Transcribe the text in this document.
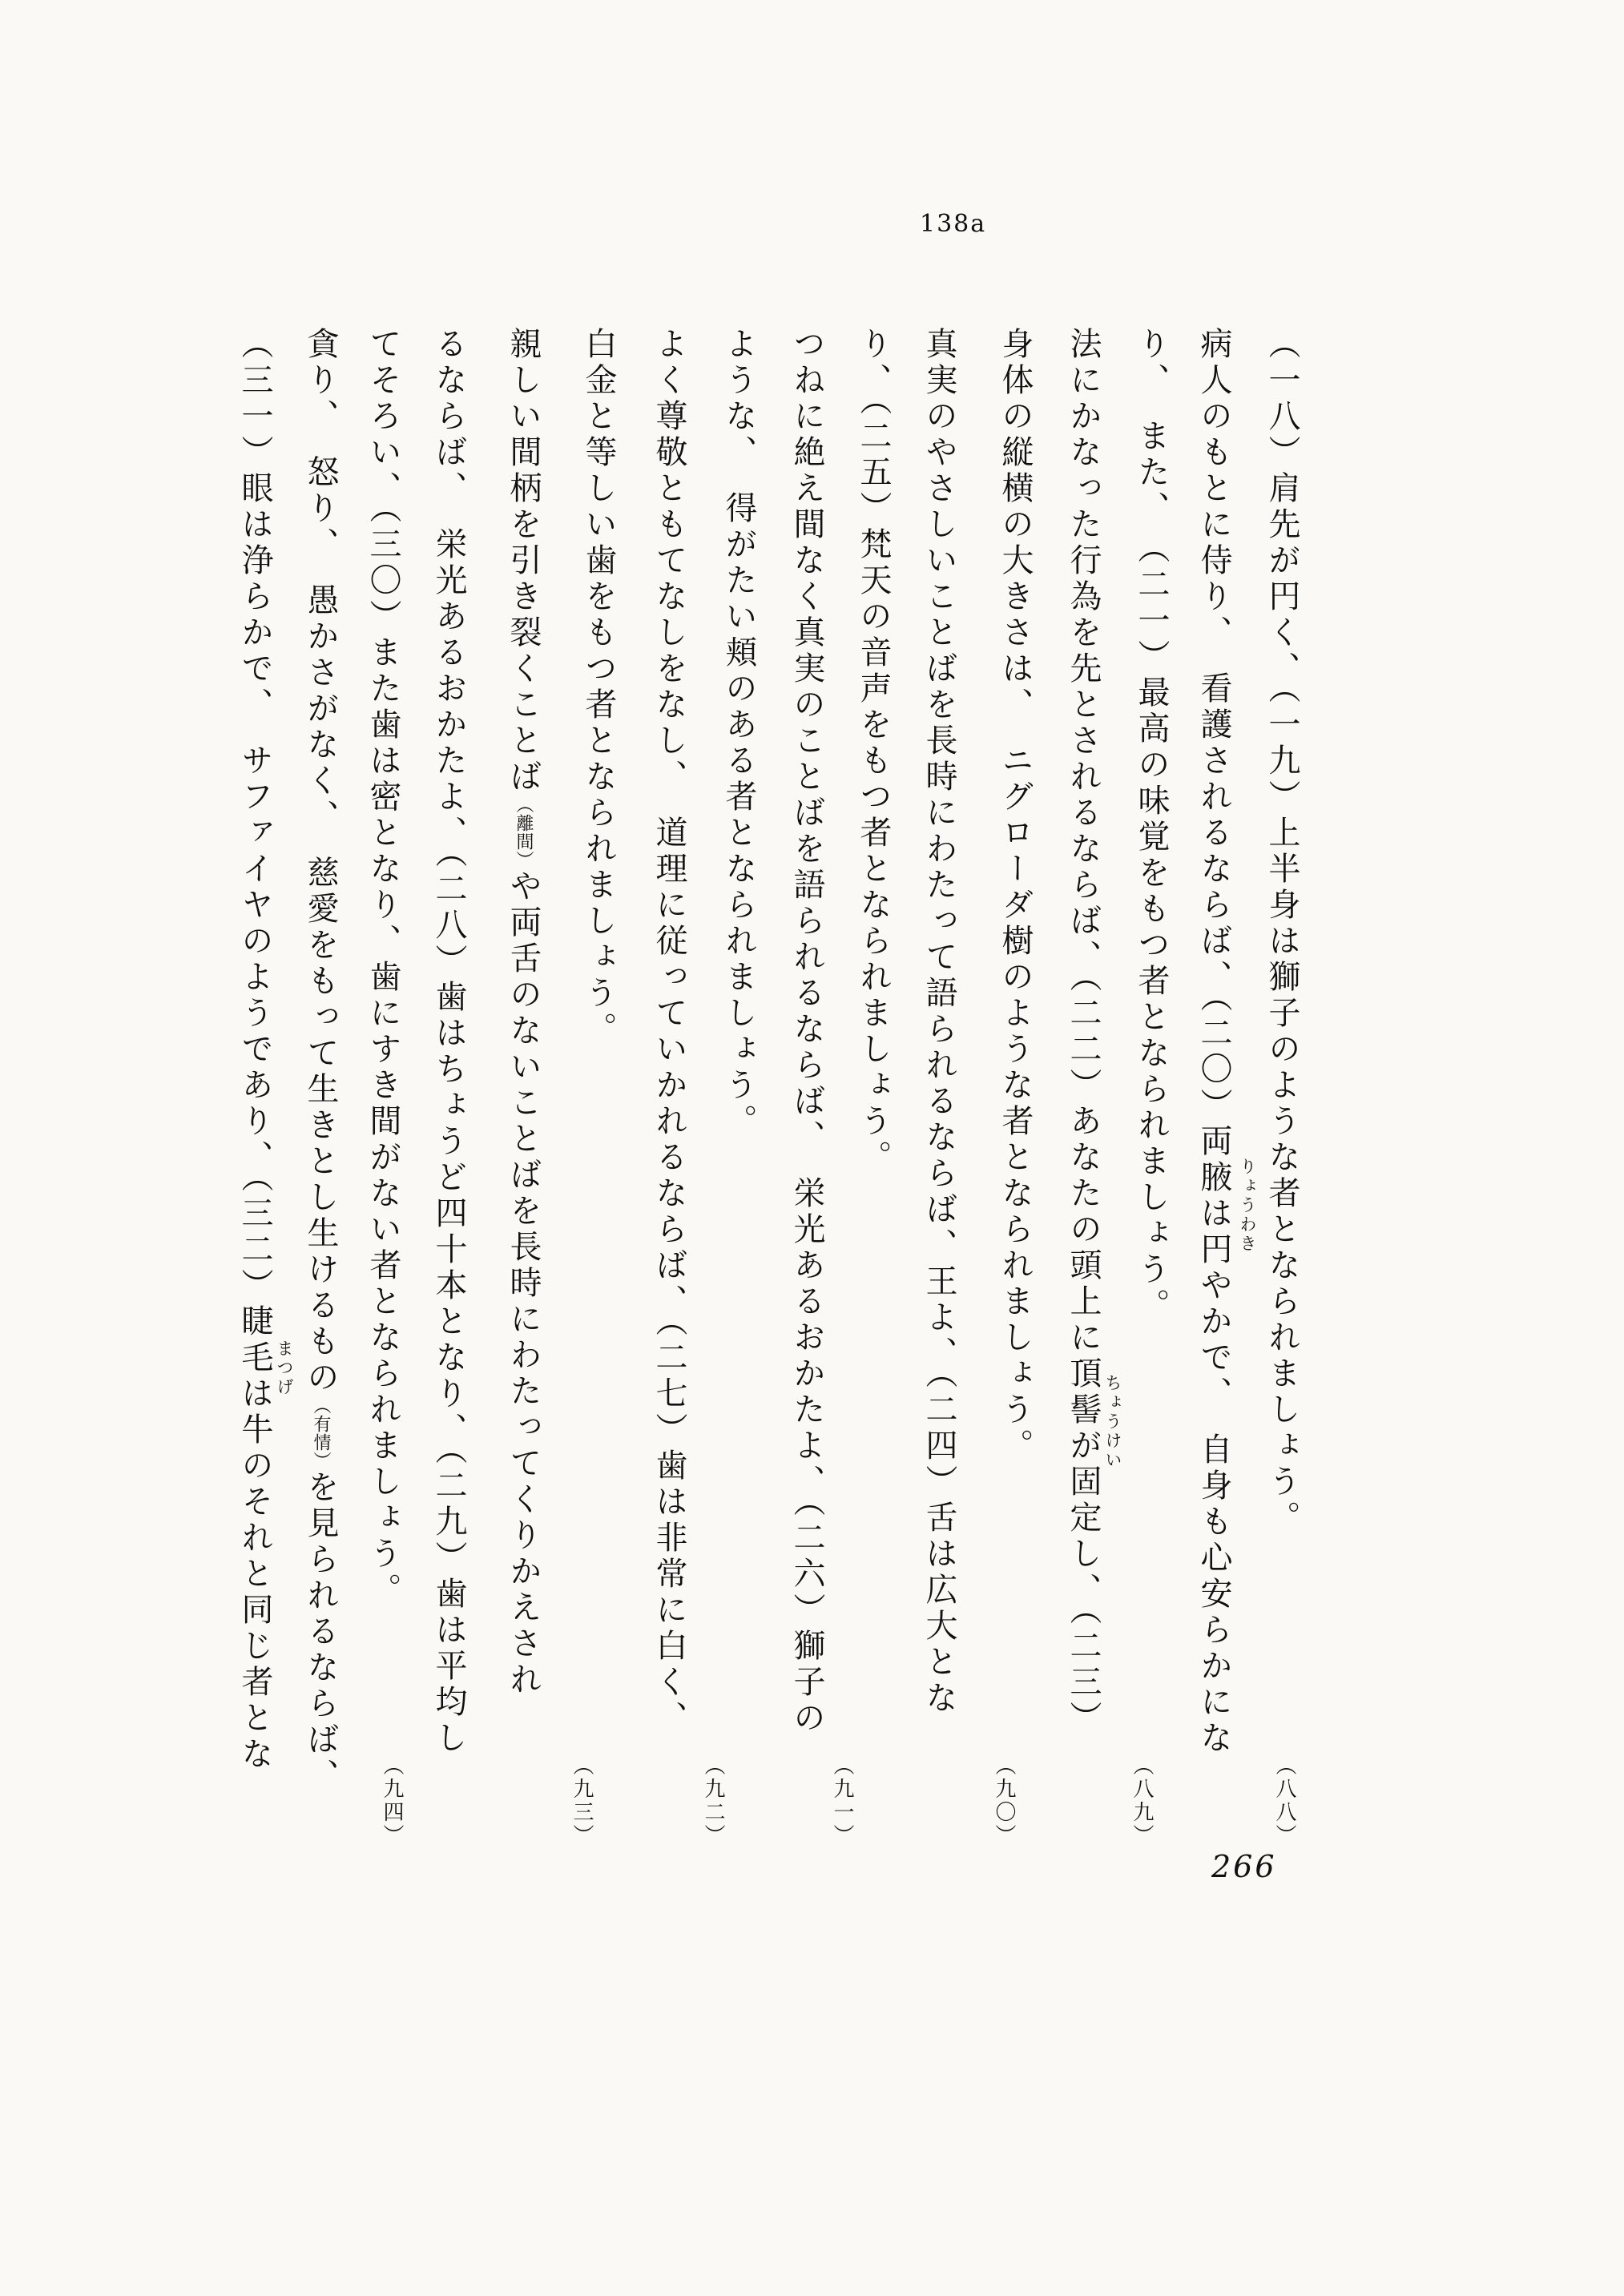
138a
（一八）肩先が円く、（一九）上半身は獅子のような者となられましょう。
病人のもとに侍り、　看護されるならば、（二〇）両腋は円やかで、　自身も心安らかにな
り、　また、　（二一）最高の味覚をもつ者となられましょう。
法にかなった行為を先とされるならば、（二二）あなたの頭上に頂髻が固定し、（二三）
身体の縦横の大きさは、　ニグローダ樹のような者となられましょう。
真実のやさしいことばを長時にわたって語られるならば、王よ、（二四）舌は広大とな
り、（二五）梵天の音声をもつ者となられましょう。
つねに絶え間なく真実のことばを語られるならば、　栄光あるおかたよ、（二六）獅子の
ような、　得がたい頬のある者となられましょう。
よく尊敬ともてなしをなし、　道理に従っていかれるならば、（二七）歯は非常に白く、
白金と等しい歯をもつ者となられましょう。
親しい間柄を引き裂くことば（離間）や両舌のないことばを長時にわたってくりかえされ
るならば、　栄光あるおかたよ、（二八）歯はちょうど四十本となり、（二九）歯は平均し
てそろい、（三〇）また歯は密となり、歯にすき間がない者となられましょう。
貪り、　怒り、　愚かさがなく、　慈愛をもって生きとし生けるもの（有情）を見られるならば、
（三一）眼は浄らかで、　サファイヤのようであり、（三二）睫毛は牛のそれと同じ者とな	りょうわき
ちょうけい
まつげ
（八八）
（八九）
（九〇）
（九一）
（九二）
（九三）
（九四）
266
